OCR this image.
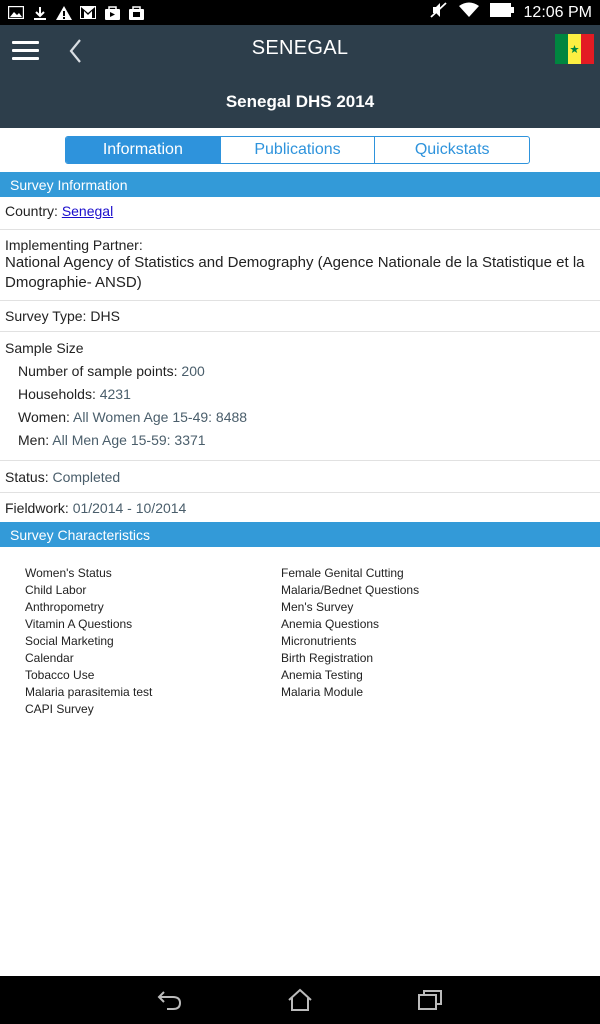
12:06 PM
SENEGAL
Senegal DHS 2014
Information	Publications	Quickstats
Survey Information
Country: Senegal
Implementing Partner:
National Agency of Statistics and Demography (Agence Nationale de la Statistique et la Dmographie- ANSD)
Survey Type: DHS
Sample Size
Number of sample points: 200
Households: 4231
Women: All Women Age 15-49: 8488
Men: All Men Age 15-59: 3371
Status: Completed
Fieldwork: 01/2014 - 10/2014
Survey Characteristics
Women's Status
Child Labor
Anthropometry
Vitamin A Questions
Social Marketing
Calendar
Tobacco Use
Malaria parasitemia test
CAPI Survey
Female Genital Cutting
Malaria/Bednet Questions
Men's Survey
Anemia Questions
Micronutrients
Birth Registration
Anemia Testing
Malaria Module
